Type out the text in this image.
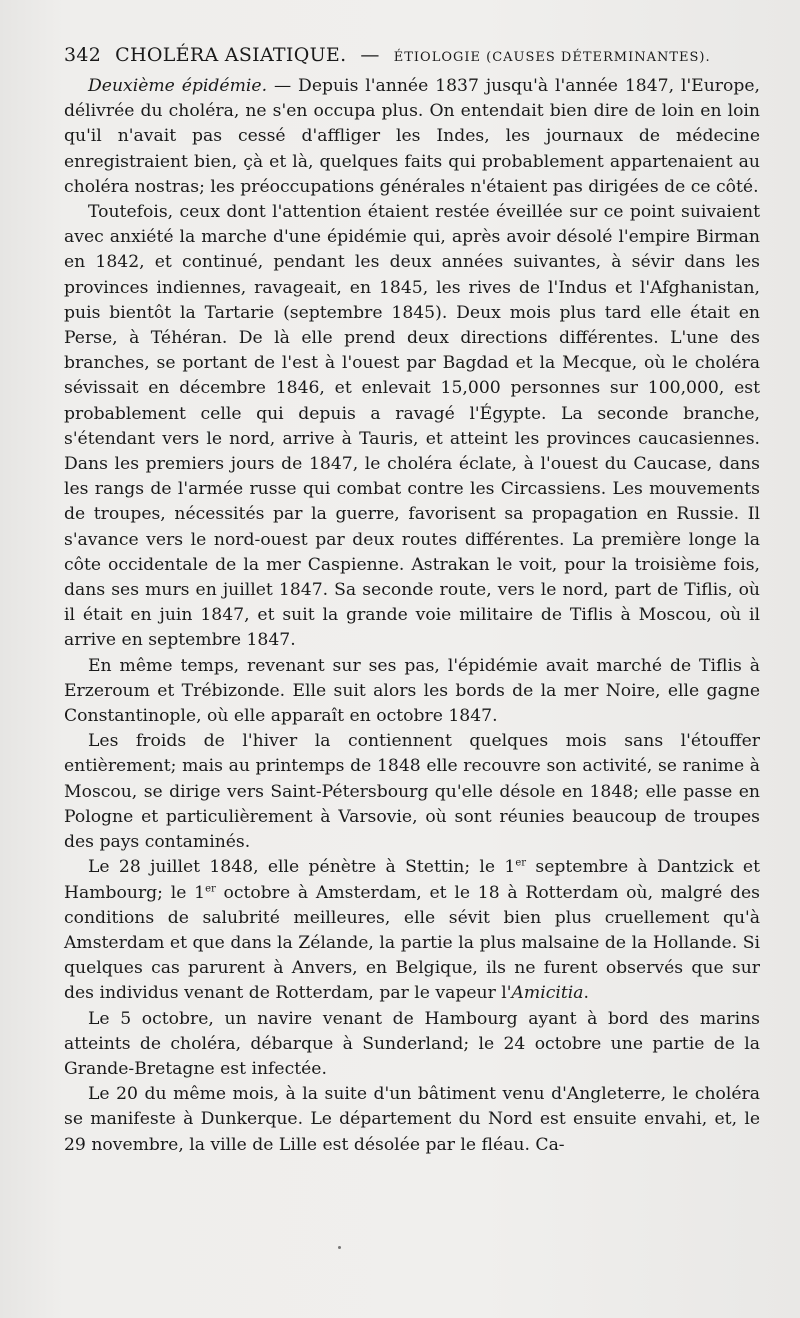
342 CHOLÉRA ASIATIQUE. — ÉTIOLOGIE (CAUSES DÉTERMINANTES).

Deuxième épidémie. — Depuis l'année 1837 jusqu'à l'année 1847, l'Europe, délivrée du choléra, ne s'en occupa plus. On entendait bien dire de loin en loin qu'il n'avait pas cessé d'affliger les Indes, les journaux de médecine enregistraient bien, çà et là, quelques faits qui probablement appartenaient au choléra nostras; les préoccupations générales n'étaient pas dirigées de ce côté.

Toutefois, ceux dont l'attention étaient restée éveillée sur ce point suivaient avec anxiété la marche d'une épidémie qui, après avoir désolé l'empire Birman en 1842, et continué, pendant les deux années suivantes, à sévir dans les provinces indiennes, ravageait, en 1845, les rives de l'Indus et l'Afghanistan, puis bientôt la Tartarie (septembre 1845). Deux mois plus tard elle était en Perse, à Téhéran. De là elle prend deux directions différentes. L'une des branches, se portant de l'est à l'ouest par Bagdad et la Mecque, où le choléra sévissait en décembre 1846, et enlevait 15,000 personnes sur 100,000, est probablement celle qui depuis a ravagé l'Égypte. La seconde branche, s'étendant vers le nord, arrive à Tauris, et atteint les provinces caucasiennes. Dans les premiers jours de 1847, le choléra éclate, à l'ouest du Caucase, dans les rangs de l'armée russe qui combat contre les Circassiens. Les mouvements de troupes, nécessités par la guerre, favorisent sa propagation en Russie. Il s'avance vers le nord-ouest par deux routes différentes. La première longe la côte occidentale de la mer Caspienne. Astrakan le voit, pour la troisième fois, dans ses murs en juillet 1847. Sa seconde route, vers le nord, part de Tiflis, où il était en juin 1847, et suit la grande voie militaire de Tiflis à Moscou, où il arrive en septembre 1847.

En même temps, revenant sur ses pas, l'épidémie avait marché de Tiflis à Erzeroum et Trébizonde. Elle suit alors les bords de la mer Noire, elle gagne Constantinople, où elle apparaît en octobre 1847.

Les froids de l'hiver la contiennent quelques mois sans l'étouffer entièrement; mais au printemps de 1848 elle recouvre son activité, se ranime à Moscou, se dirige vers Saint-Pétersbourg qu'elle désole en 1848; elle passe en Pologne et particulièrement à Varsovie, où sont réunies beaucoup de troupes des pays contaminés.

Le 28 juillet 1848, elle pénètre à Stettin; le 1er septembre à Dantzick et Hambourg; le 1er octobre à Amsterdam, et le 18 à Rotterdam où, malgré des conditions de salubrité meilleures, elle sévit bien plus cruellement qu'à Amsterdam et que dans la Zélande, la partie la plus malsaine de la Hollande. Si quelques cas parurent à Anvers, en Belgique, ils ne furent observés que sur des individus venant de Rotterdam, par le vapeur l'Amicitia.

Le 5 octobre, un navire venant de Hambourg ayant à bord des marins atteints de choléra, débarque à Sunderland; le 24 octobre une partie de la Grande-Bretagne est infectée.

Le 20 du même mois, à la suite d'un bâtiment venu d'Angleterre, le choléra se manifeste à Dunkerque. Le département du Nord est ensuite envahi, et, le 29 novembre, la ville de Lille est désolée par le fléau. Ca-
